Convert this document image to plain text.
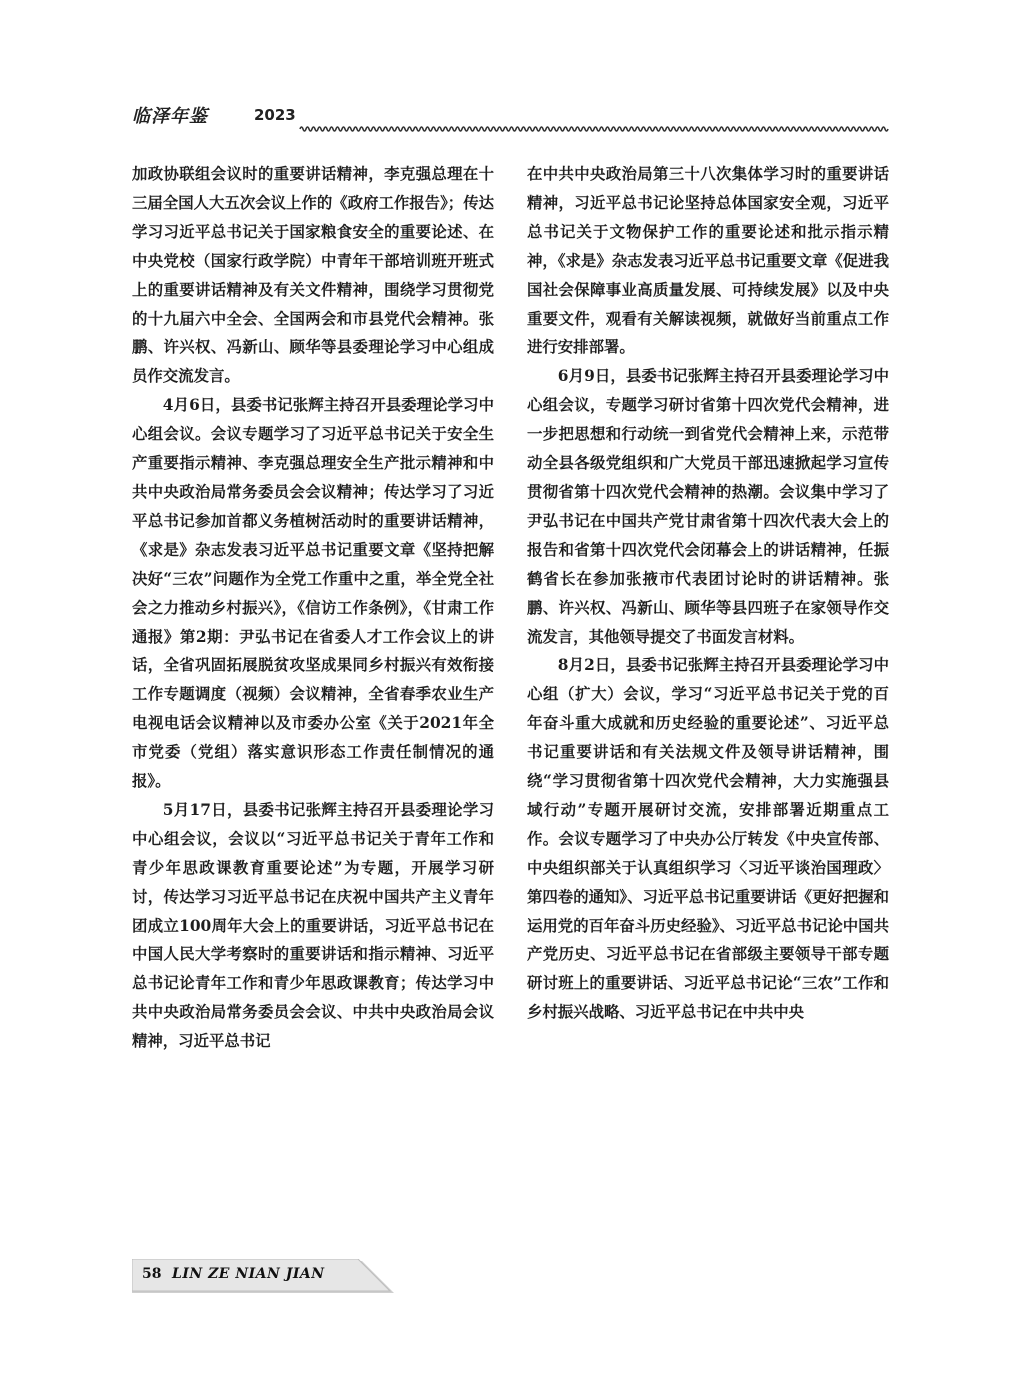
临泽年鉴	2023

加政协联组会议时的重要讲话精神，李克强总理在十三届全国人大五次会议上作的《政府工作报告》；传达学习习近平总书记关于国家粮食安全的重要论述、在中央党校（国家行政学院）中青年干部培训班开班式上的重要讲话精神及有关文件精神，围绕学习贯彻党的十九届六中全会、全国两会和市县党代会精神。张鹏、许兴权、冯新山、顾华等县委理论学习中心组成员作交流发言。

4月6日，县委书记张辉主持召开县委理论学习中心组会议。会议专题学习了习近平总书记关于安全生产重要指示精神、李克强总理安全生产批示精神和中共中央政治局常务委员会会议精神；传达学习了习近平总书记参加首都义务植树活动时的重要讲话精神，《求是》杂志发表习近平总书记重要文章《坚持把解决好“三农”问题作为全党工作重中之重，举全党全社会之力推动乡村振兴》，《信访工作条例》，《甘肃工作通报》第2期：尹弘书记在省委人才工作会议上的讲话，全省巩固拓展脱贫攻坚成果同乡村振兴有效衔接工作专题调度（视频）会议精神，全省春季农业生产电视电话会议精神以及市委办公室《关于2021年全市党委（党组）落实意识形态工作责任制情况的通报》。

5月17日，县委书记张辉主持召开县委理论学习中心组会议，会议以“习近平总书记关于青年工作和青少年思政课教育重要论述”为专题，开展学习研讨，传达学习习近平总书记在庆祝中国共产主义青年团成立100周年大会上的重要讲话，习近平总书记在中国人民大学考察时的重要讲话和指示精神、习近平总书记论青年工作和青少年思政课教育；传达学习中共中央政治局常务委员会会议、中共中央政治局会议精神，习近平总书记

在中共中央政治局第三十八次集体学习时的重要讲话精神，习近平总书记论坚持总体国家安全观，习近平总书记关于文物保护工作的重要论述和批示指示精神，《求是》杂志发表习近平总书记重要文章《促进我国社会保障事业高质量发展、可持续发展》以及中央重要文件，观看有关解读视频，就做好当前重点工作进行安排部署。

6月9日，县委书记张辉主持召开县委理论学习中心组会议，专题学习研讨省第十四次党代会精神，进一步把思想和行动统一到省党代会精神上来，示范带动全县各级党组织和广大党员干部迅速掀起学习宣传贯彻省第十四次党代会精神的热潮。会议集中学习了尹弘书记在中国共产党甘肃省第十四次代表大会上的报告和省第十四次党代会闭幕会上的讲话精神，任振鹤省长在参加张掖市代表团讨论时的讲话精神。张鹏、许兴权、冯新山、顾华等县四班子在家领导作交流发言，其他领导提交了书面发言材料。

8月2日，县委书记张辉主持召开县委理论学习中心组（扩大）会议，学习“习近平总书记关于党的百年奋斗重大成就和历史经验的重要论述”、习近平总书记重要讲话和有关法规文件及领导讲话精神，围绕“学习贯彻省第十四次党代会精神，大力实施强县域行动”专题开展研讨交流，安排部署近期重点工作。会议专题学习了中央办公厅转发《中央宣传部、中央组织部关于认真组织学习〈习近平谈治国理政〉第四卷的通知》、习近平总书记重要讲话《更好把握和运用党的百年奋斗历史经验》、习近平总书记论中国共产党历史、习近平总书记在省部级主要领导干部专题研讨班上的重要讲话、习近平总书记论“三农”工作和乡村振兴战略、习近平总书记在中共中央

58 LIN ZE NIAN JIAN
